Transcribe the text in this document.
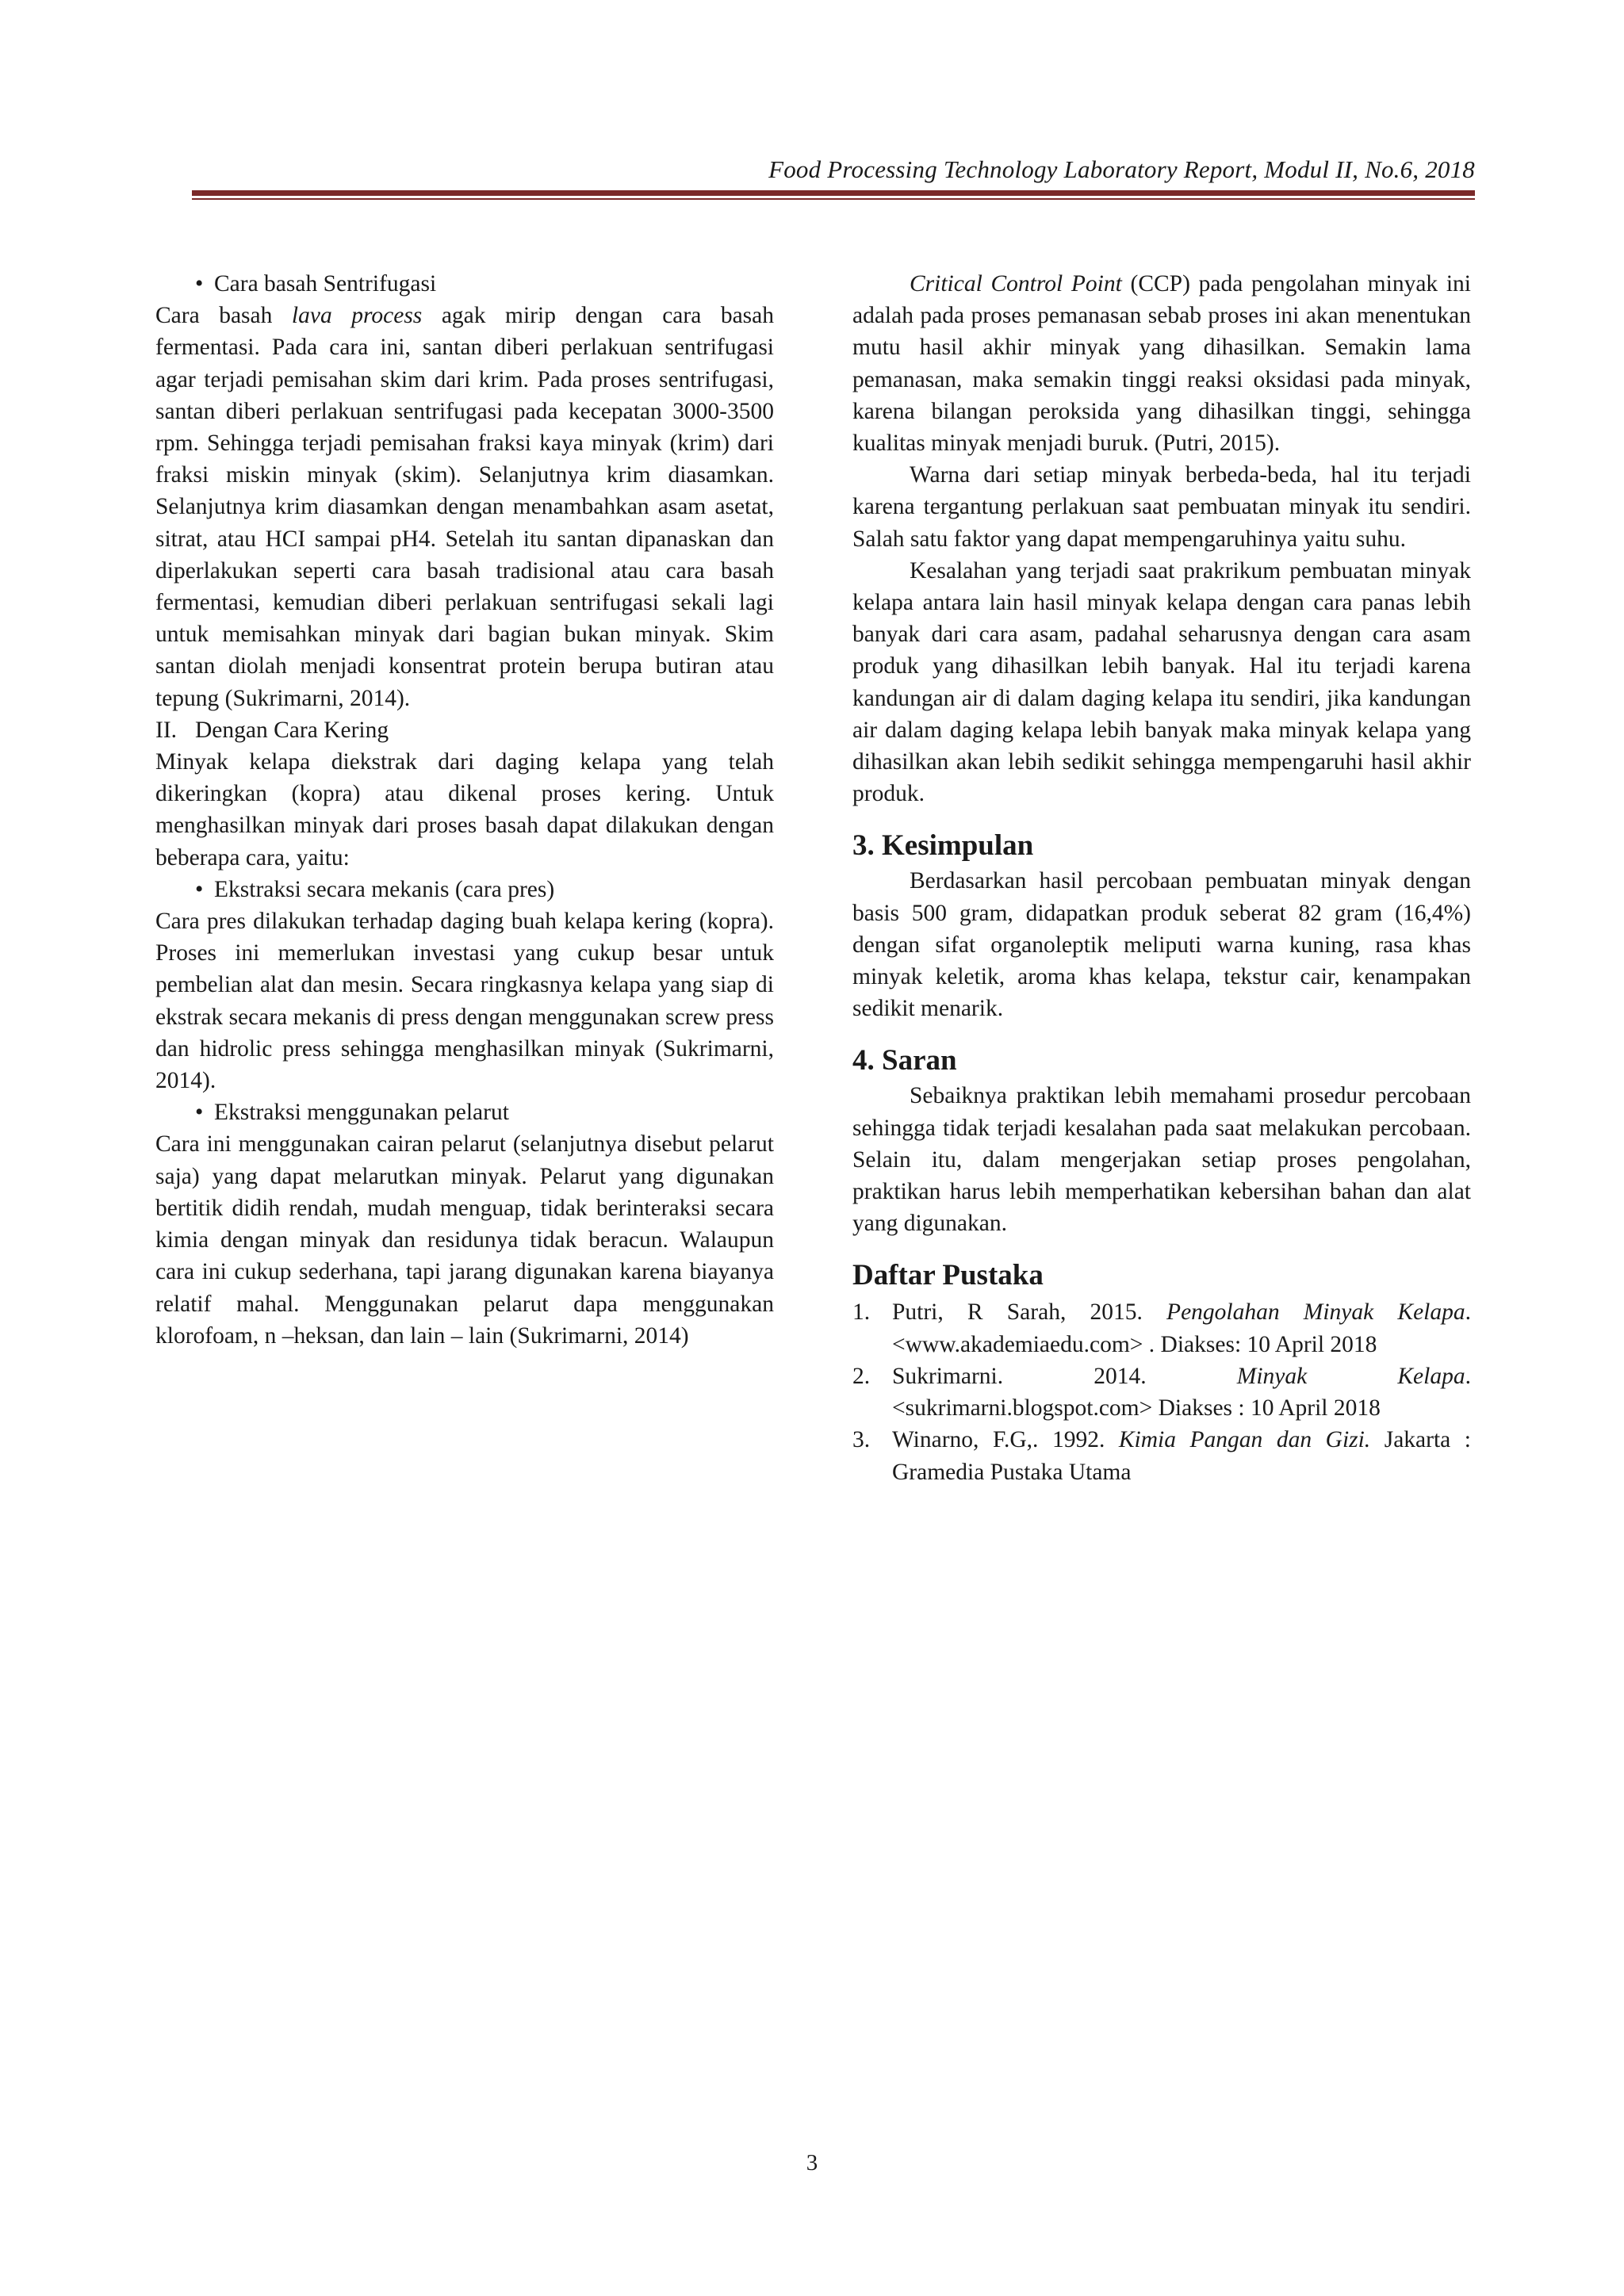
Food Processing Technology Laboratory Report, Modul II, No.6, 2018
• Cara basah Sentrifugasi

Cara basah lava process agak mirip dengan cara basah fermentasi. Pada cara ini, santan diberi perlakuan sentrifugasi agar terjadi pemisahan skim dari krim. Pada proses sentrifugasi, santan diberi perlakuan sentrifugasi pada kecepatan 3000-3500 rpm. Sehingga terjadi pemisahan fraksi kaya minyak (krim) dari fraksi miskin minyak (skim). Selanjutnya krim diasamkan. Selanjutnya krim diasamkan dengan menambahkan asam asetat, sitrat, atau HCI sampai pH4. Setelah itu santan dipanaskan dan diperlakukan seperti cara basah tradisional atau cara basah fermentasi, kemudian diberi perlakuan sentrifugasi sekali lagi untuk memisahkan minyak dari bagian bukan minyak. Skim santan diolah menjadi konsentrat protein berupa butiran atau tepung (Sukrimarni, 2014).

II. Dengan Cara Kering

Minyak kelapa diekstrak dari daging kelapa yang telah dikeringkan (kopra) atau dikenal proses kering. Untuk menghasilkan minyak dari proses basah dapat dilakukan dengan beberapa cara, yaitu:

• Ekstraksi secara mekanis (cara pres)

Cara pres dilakukan terhadap daging buah kelapa kering (kopra). Proses ini memerlukan investasi yang cukup besar untuk pembelian alat dan mesin. Secara ringkasnya kelapa yang siap di ekstrak secara mekanis di press dengan menggunakan screw press dan hidrolic press sehingga menghasilkan minyak (Sukrimarni, 2014).

• Ekstraksi menggunakan pelarut

Cara ini menggunakan cairan pelarut (selanjutnya disebut pelarut saja) yang dapat melarutkan minyak. Pelarut yang digunakan bertitik didih rendah, mudah menguap, tidak berinteraksi secara kimia dengan minyak dan residunya tidak beracun. Walaupun cara ini cukup sederhana, tapi jarang digunakan karena biayanya relatif mahal. Menggunakan pelarut dapa menggunakan klorofoam, n –heksan, dan lain – lain (Sukrimarni, 2014)

Critical Control Point (CCP) pada pengolahan minyak ini adalah pada proses pemanasan sebab proses ini akan menentukan mutu hasil akhir minyak yang dihasilkan. Semakin lama pemanasan, maka semakin tinggi reaksi oksidasi pada minyak, karena bilangan peroksida yang dihasilkan tinggi, sehingga kualitas minyak menjadi buruk. (Putri, 2015).

Warna dari setiap minyak berbeda-beda, hal itu terjadi karena tergantung perlakuan saat pembuatan minyak itu sendiri. Salah satu faktor yang dapat mempengaruhinya yaitu suhu.

Kesalahan yang terjadi saat prakrikum pembuatan minyak kelapa antara lain hasil minyak kelapa dengan cara panas lebih banyak dari cara asam, padahal seharusnya dengan cara asam produk yang dihasilkan lebih banyak. Hal itu terjadi karena kandungan air di dalam daging kelapa itu sendiri, jika kandungan air dalam daging kelapa lebih banyak maka minyak kelapa yang dihasilkan akan lebih sedikit sehingga mempengaruhi hasil akhir produk.

3. Kesimpulan

Berdasarkan hasil percobaan pembuatan minyak dengan basis 500 gram, didapatkan produk seberat 82 gram (16,4%) dengan sifat organoleptik meliputi warna kuning, rasa khas minyak keletik, aroma khas kelapa, tekstur cair, kenampakan sedikit menarik.

4. Saran

Sebaiknya praktikan lebih memahami prosedur percobaan sehingga tidak terjadi kesalahan pada saat melakukan percobaan. Selain itu, dalam mengerjakan setiap proses pengolahan, praktikan harus lebih memperhatikan kebersihan bahan dan alat yang digunakan.

Daftar Pustaka
1. Putri, R Sarah, 2015. Pengolahan Minyak Kelapa. <www.akademiaedu.com> . Diakses: 10 April 2018
2. Sukrimarni. 2014. Minyak Kelapa. <sukrimarni.blogspot.com> Diakses : 10 April 2018
3. Winarno, F.G,. 1992. Kimia Pangan dan Gizi. Jakarta : Gramedia Pustaka Utama
3
